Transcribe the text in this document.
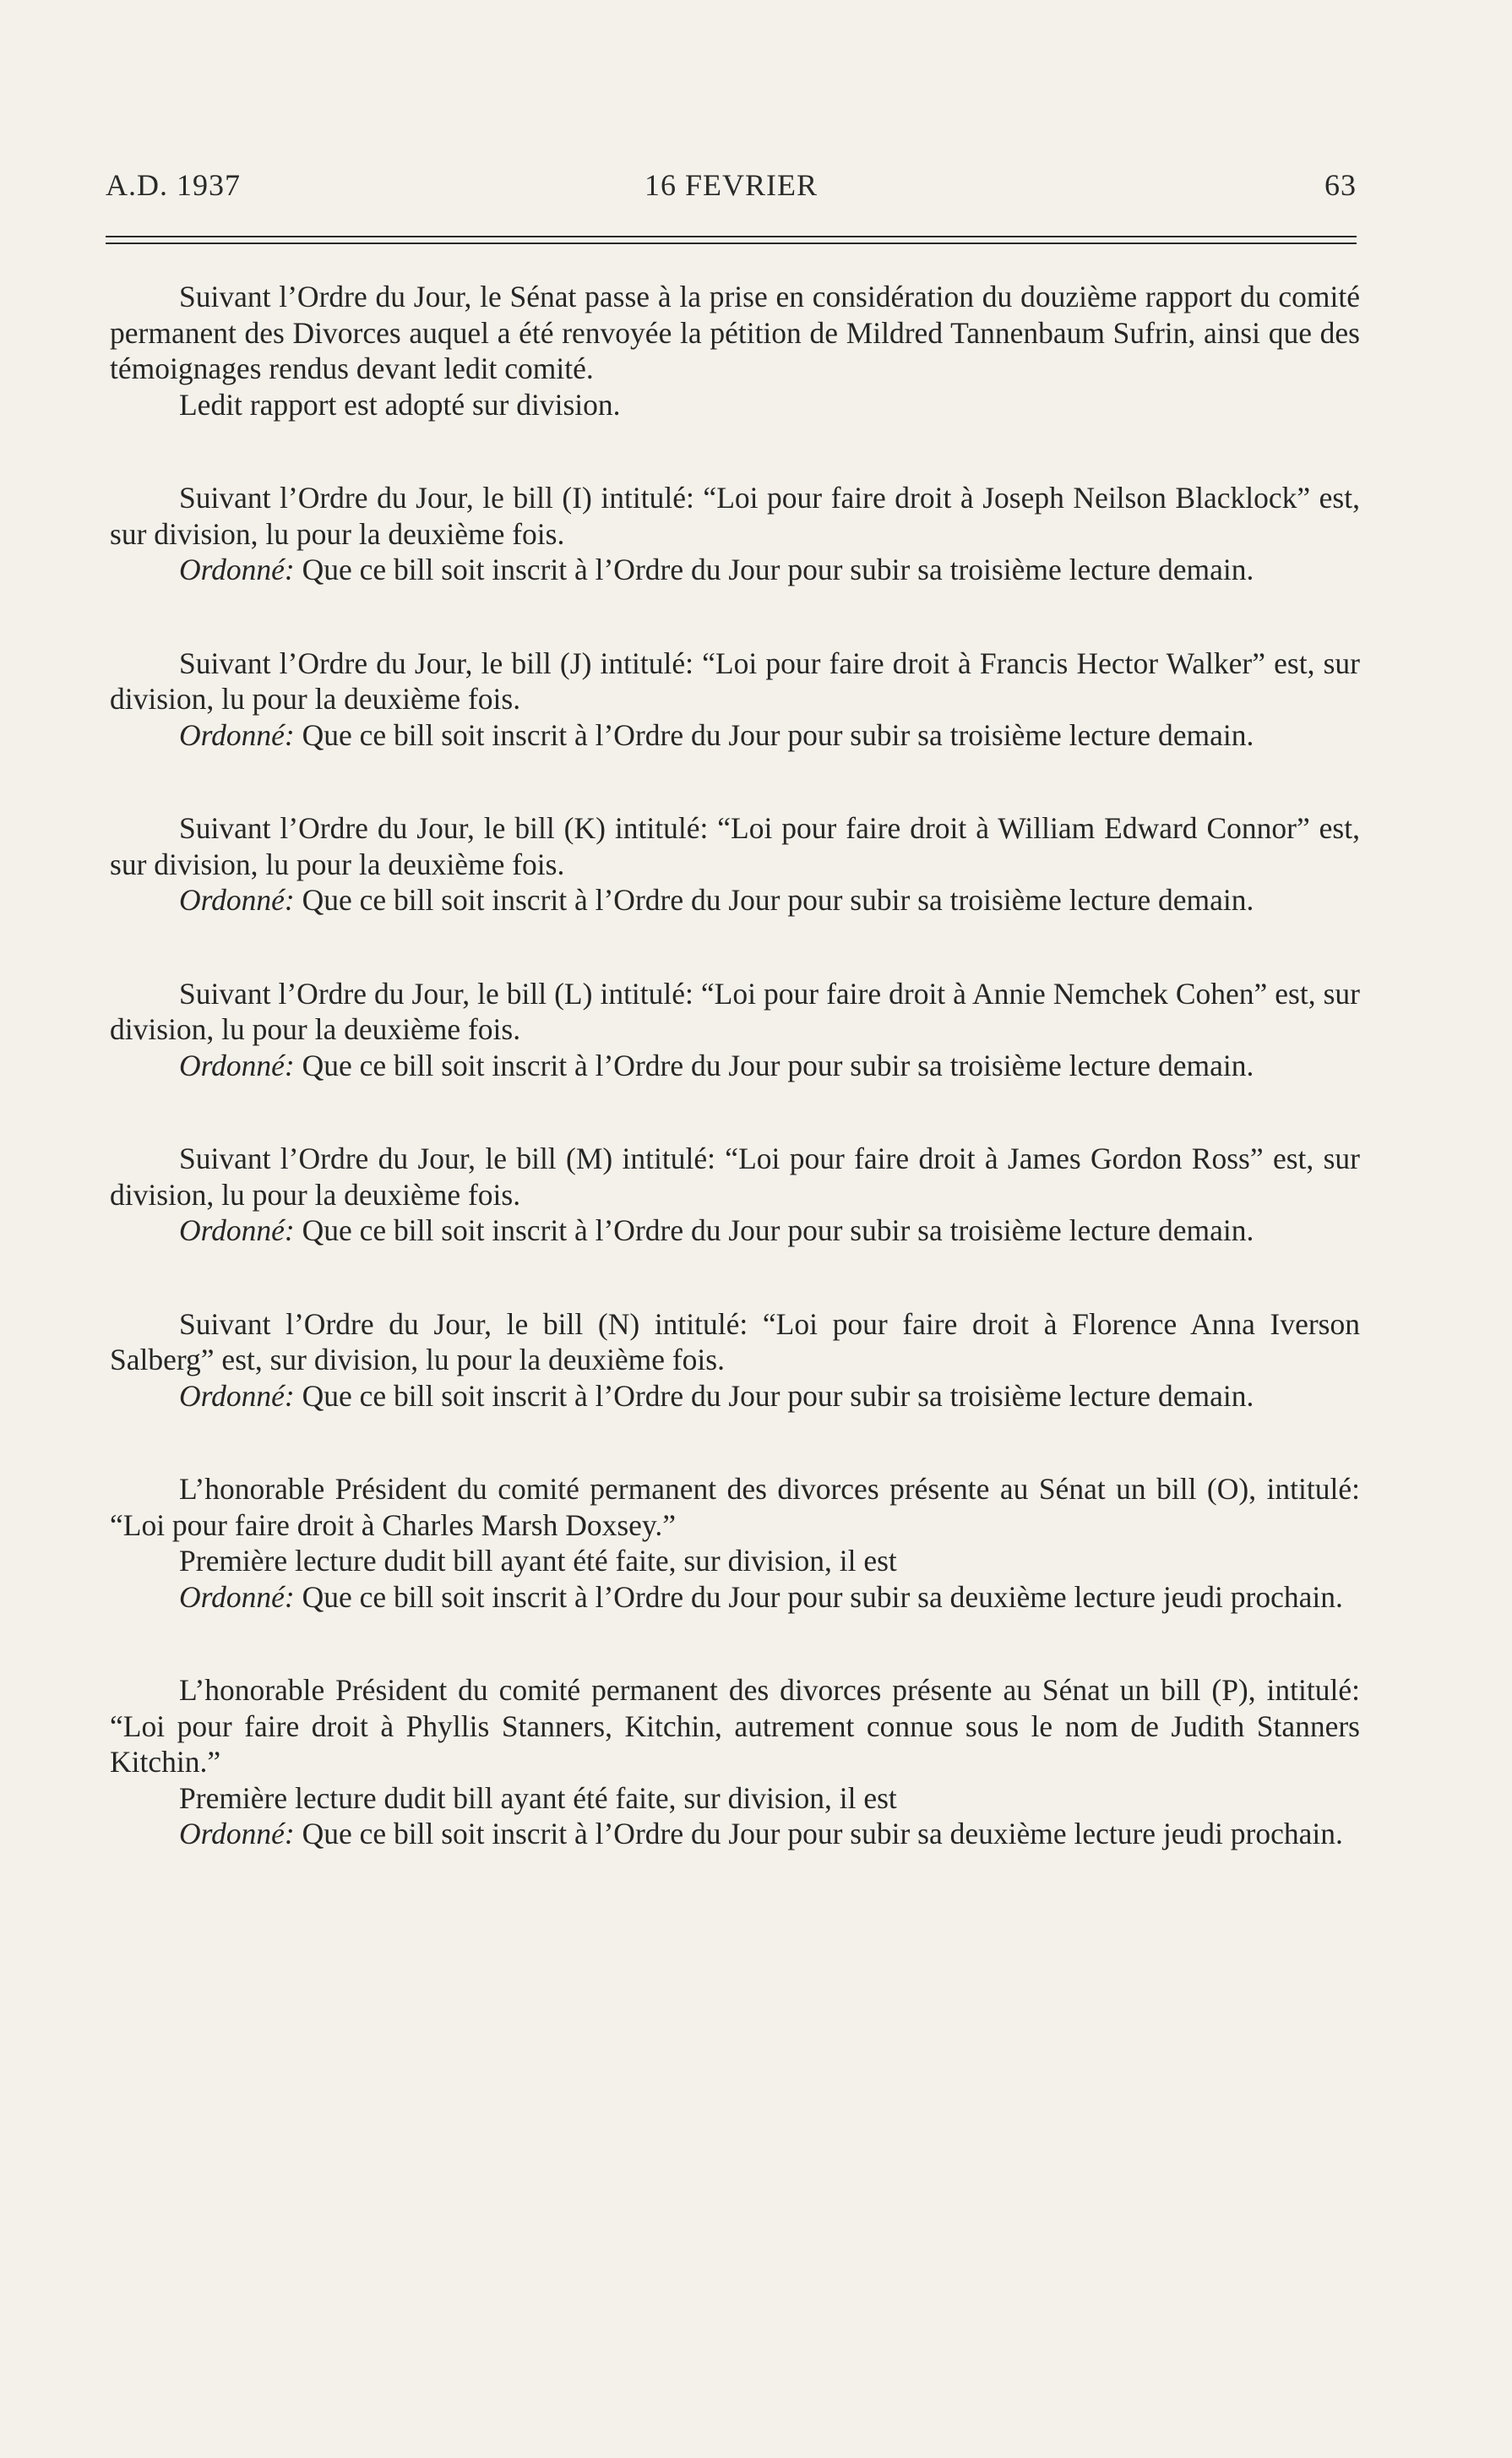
A.D. 1937	16 FEVRIER	63

Suivant l’Ordre du Jour, le Sénat passe à la prise en considération du douzième rapport du comité permanent des Divorces auquel a été renvoyée la pétition de Mildred Tannenbaum Sufrin, ainsi que des témoignages rendus devant ledit comité.

Ledit rapport est adopté sur division.

Suivant l’Ordre du Jour, le bill (I) intitulé: “Loi pour faire droit à Joseph Neilson Blacklock” est, sur division, lu pour la deuxième fois.

Ordonné: Que ce bill soit inscrit à l’Ordre du Jour pour subir sa troisième lecture demain.

Suivant l’Ordre du Jour, le bill (J) intitulé: “Loi pour faire droit à Francis Hector Walker” est, sur division, lu pour la deuxième fois.

Ordonné: Que ce bill soit inscrit à l’Ordre du Jour pour subir sa troisième lecture demain.

Suivant l’Ordre du Jour, le bill (K) intitulé: “Loi pour faire droit à William Edward Connor” est, sur division, lu pour la deuxième fois.

Ordonné: Que ce bill soit inscrit à l’Ordre du Jour pour subir sa troisième lecture demain.

Suivant l’Ordre du Jour, le bill (L) intitulé: “Loi pour faire droit à Annie Nemchek Cohen” est, sur division, lu pour la deuxième fois.

Ordonné: Que ce bill soit inscrit à l’Ordre du Jour pour subir sa troisième lecture demain.

Suivant l’Ordre du Jour, le bill (M) intitulé: “Loi pour faire droit à James Gordon Ross” est, sur division, lu pour la deuxième fois.

Ordonné: Que ce bill soit inscrit à l’Ordre du Jour pour subir sa troisième lecture demain.

Suivant l’Ordre du Jour, le bill (N) intitulé: “Loi pour faire droit à Florence Anna Iverson Salberg” est, sur division, lu pour la deuxième fois.

Ordonné: Que ce bill soit inscrit à l’Ordre du Jour pour subir sa troisième lecture demain.

L’honorable Président du comité permanent des divorces présente au Sénat un bill (O), intitulé: “Loi pour faire droit à Charles Marsh Doxsey.”

Première lecture dudit bill ayant été faite, sur division, il est

Ordonné: Que ce bill soit inscrit à l’Ordre du Jour pour subir sa deuxième lecture jeudi prochain.

L’honorable Président du comité permanent des divorces présente au Sénat un bill (P), intitulé: “Loi pour faire droit à Phyllis Stanners, Kitchin, autrement connue sous le nom de Judith Stanners Kitchin.”

Première lecture dudit bill ayant été faite, sur division, il est

Ordonné: Que ce bill soit inscrit à l’Ordre du Jour pour subir sa deuxième lecture jeudi prochain.
